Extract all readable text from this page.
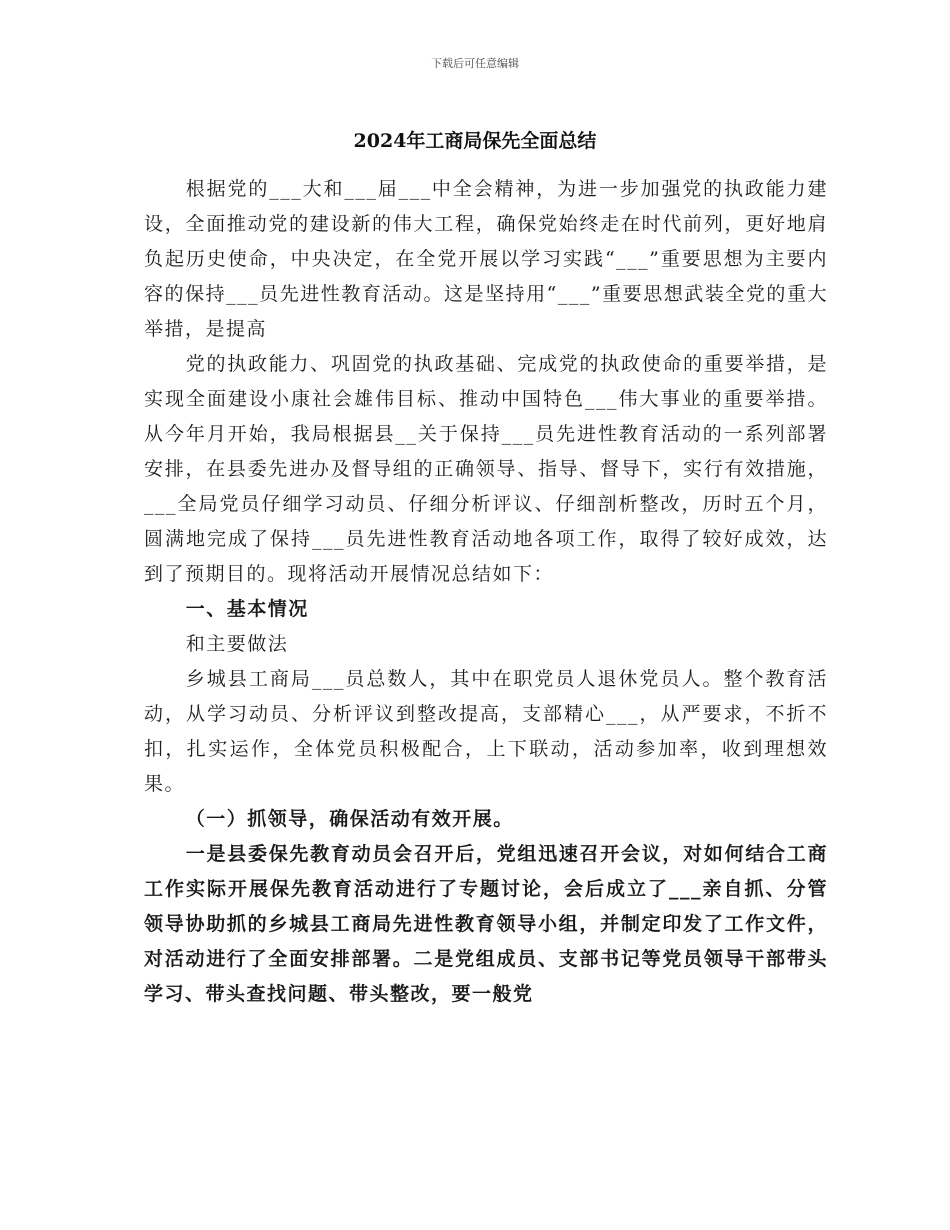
下载后可任意编辑
2024年工商局保先全面总结

根据党的___大和___届___中全会精神，为进一步加强党的执政能力建设，全面推动党的建设新的伟大工程，确保党始终走在时代前列，更好地肩负起历史使命，中央决定，在全党开展以学习实践“___”重要思想为主要内容的保持___员先进性教育活动。这是坚持用“___”重要思想武装全党的重大举措，是提高

党的执政能力、巩固党的执政基础、完成党的执政使命的重要举措，是实现全面建设小康社会雄伟目标、推动中国特色___伟大事业的重要举措。从今年月开始，我局根据县__关于保持___员先进性教育活动的一系列部署安排，在县委先进办及督导组的正确领导、指导、督导下，实行有效措施，___全局党员仔细学习动员、仔细分析评议、仔细剖析整改，历时五个月，圆满地完成了保持___员先进性教育活动地各项工作，取得了较好成效，达到了预期目的。现将活动开展情况总结如下：

一、基本情况

和主要做法

乡城县工商局___员总数人，其中在职党员人退休党员人。整个教育活动，从学习动员、分析评议到整改提高，支部精心___，从严要求，不折不扣，扎实运作，全体党员积极配合，上下联动，活动参加率，收到理想效果。

（一）抓领导，确保活动有效开展。

一是县委保先教育动员会召开后，党组迅速召开会议，对如何结合工商工作实际开展保先教育活动进行了专题讨论，会后成立了___亲自抓、分管领导协助抓的乡城县工商局先进性教育领导小组，并制定印发了工作文件，对活动进行了全面安排部署。二是党组成员、支部书记等党员领导干部带头学习、带头查找问题、带头整改，要一般党
